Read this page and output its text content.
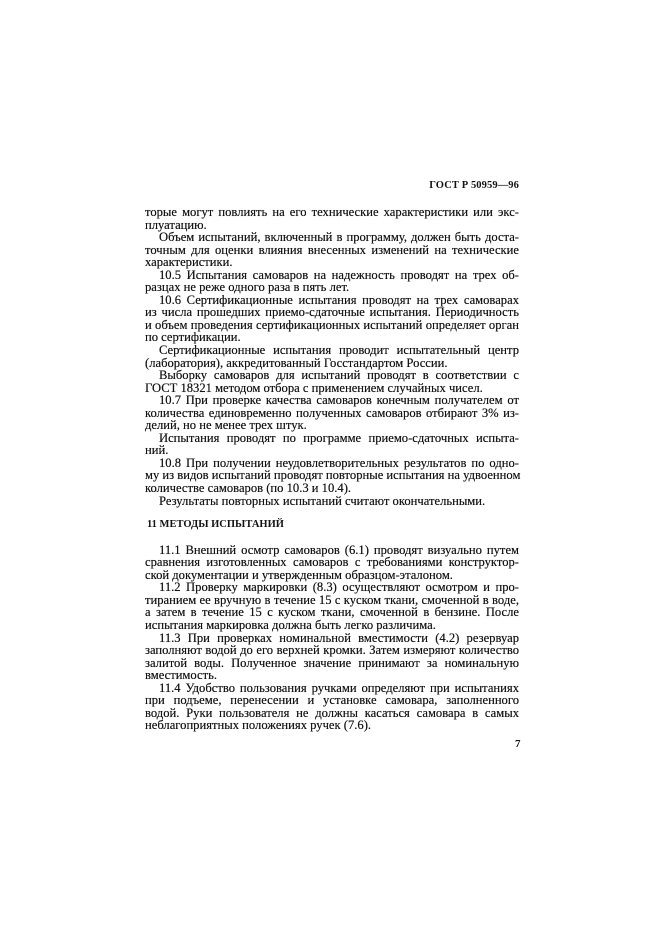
ГОСТ Р 50959—96
торые могут повлиять на его технические характеристики или экс-
плуатацию.
Объем испытаний, включенный в программу, должен быть доста-
точным для оценки влияния внесенных изменений на технические
характеристики.
10.5 Испытания самоваров на надежность проводят на трех об-
разцах не реже одного раза в пять лет.
10.6 Сертификационные испытания проводят на трех самоварах
из числа прошедших приемо-сдаточные испытания. Периодичность
и объем проведения сертификационных испытаний определяет орган
по сертификации.
Сертификационные испытания проводит испытательный центр
(лаборатория), аккредитованный Госстандартом России.
Выборку самоваров для испытаний проводят в соответствии с
ГОСТ 18321 методом отбора с применением случайных чисел.
10.7 При проверке качества самоваров конечным получателем от
количества единовременно полученных самоваров отбирают 3% из-
делий, но не менее трех штук.
Испытания проводят по программе приемо-сдаточных испыта-
ний.
10.8 При получении неудовлетворительных результатов по одно-
му из видов испытаний проводят повторные испытания на удвоенном
количестве самоваров (по 10.3 и 10.4).
Результаты повторных испытаний считают окончательными.
11 МЕТОДЫ ИСПЫТАНИЙ
11.1 Внешний осмотр самоваров (6.1) проводят визуально путем
сравнения изготовленных самоваров с требованиями конструктор-
ской документации и утвержденным образцом-эталоном.
11.2 Проверку маркировки (8.3) осуществляют осмотром и про-
тиранием ее вручную в течение 15 с куском ткани, смоченной в воде,
а затем в течение 15 с куском ткани, смоченной в бензине. После
испытания маркировка должна быть легко различима.
11.3 При проверках номинальной вместимости (4.2) резервуар
заполняют водой до его верхней кромки. Затем измеряют количество
залитой воды. Полученное значение принимают за номинальную
вместимость.
11.4 Удобство пользования ручками определяют при испытаниях
при подъеме, перенесении и установке самовара, заполненного
водой. Руки пользователя не должны касаться самовара в самых
неблагоприятных положениях ручек (7.6).
7
